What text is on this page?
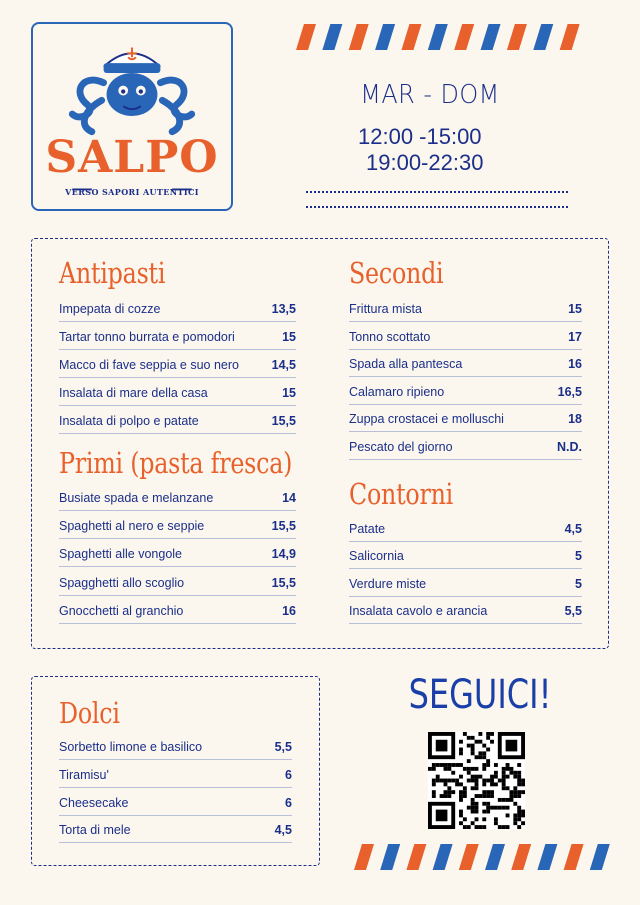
SALPO
VERSO SAPORI AUTENTICI
MAR - DOM
12:00 -15:00
19:00-22:30
Antipasti
Impepata di cozze	13,5
Tartar tonno burrata e pomodori	15
Macco di fave seppia e suo nero	14,5
Insalata di mare della casa	15
Insalata di polpo e patate	15,5
Primi (pasta fresca)
Busiate spada e melanzane	14
Spaghetti al nero e seppie	15,5
Spaghetti alle vongole	14,9
Spagghetti allo scoglio	15,5
Gnocchetti al granchio	16
Secondi
Frittura mista	15
Tonno scottato	17
Spada alla pantesca	16
Calamaro ripieno	16,5
Zuppa crostacei e molluschi	18
Pescato del giorno	N.D.
Contorni
Patate	4,5
Salicornia	5
Verdure miste	5
Insalata cavolo e arancia	5,5
Dolci
Sorbetto limone e basilico	5,5
Tiramisu'	6
Cheesecake	6
Torta di mele	4,5
SEGUICI!
